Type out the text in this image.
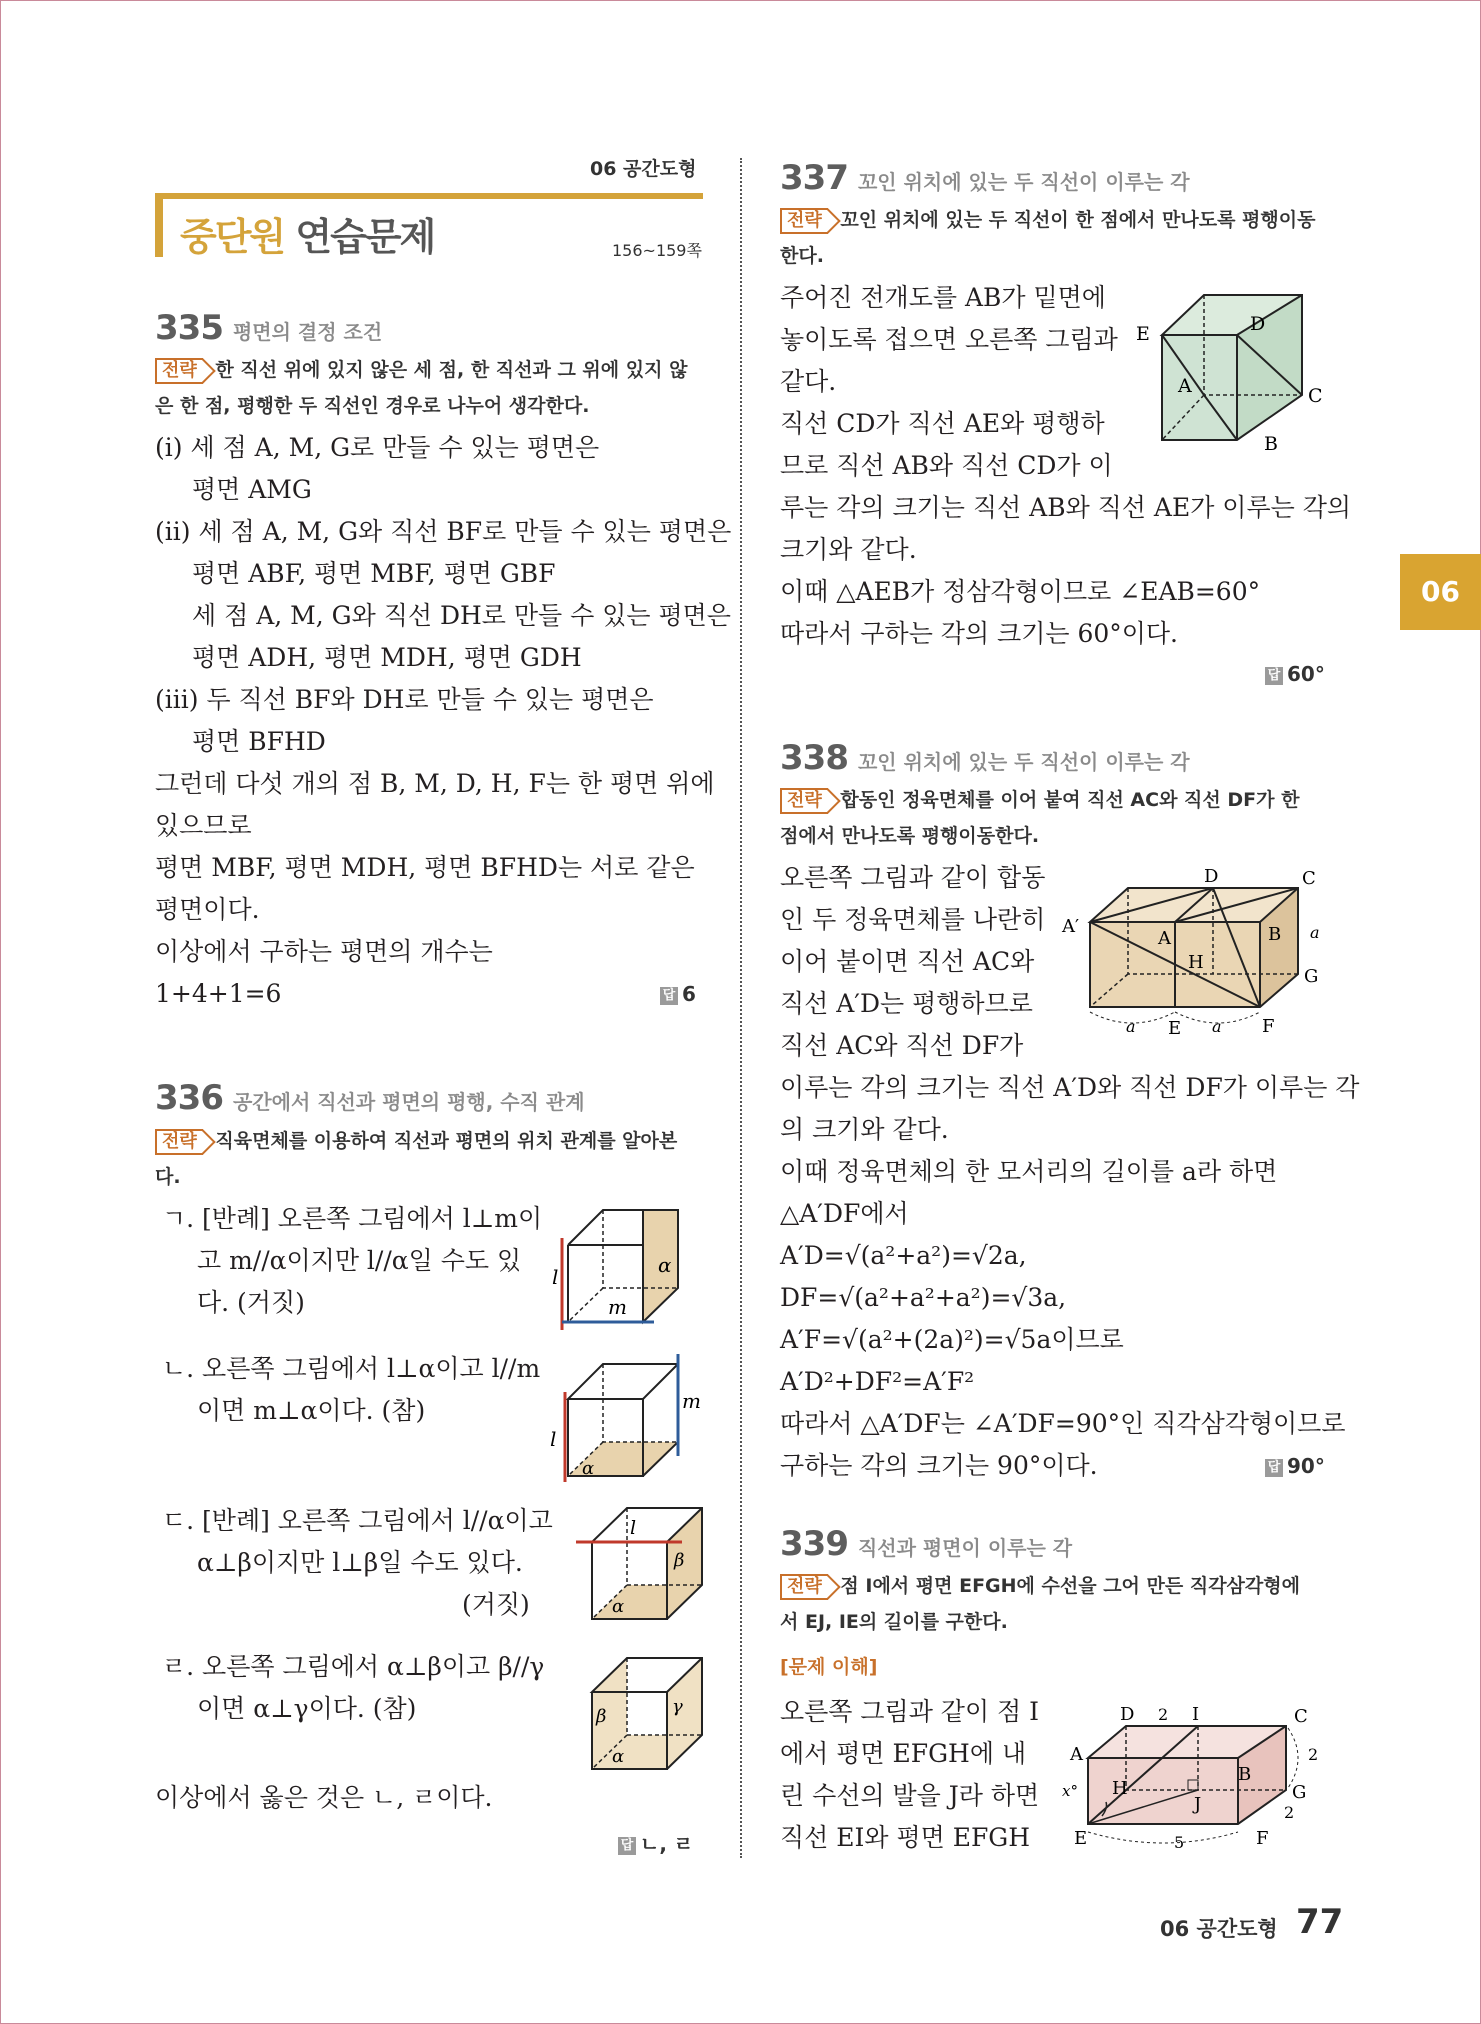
06 공간도형
중단원 연습문제	156~159쪽
06
335 평면의 결정 조건
전략 한 직선 위에 있지 않은 세 점, 한 직선과 그 위에 있지 않
은 한 점, 평행한 두 직선인 경우로 나누어 생각한다.
(i) 세 점 A, M, G로 만들 수 있는 평면은
평면 AMG
(ii) 세 점 A, M, G와 직선 BF로 만들 수 있는 평면은
평면 ABF, 평면 MBF, 평면 GBF
세 점 A, M, G와 직선 DH로 만들 수 있는 평면은
평면 ADH, 평면 MDH, 평면 GDH
(iii) 두 직선 BF와 DH로 만들 수 있는 평면은
평면 BFHD
그런데 다섯 개의 점 B, M, D, H, F는 한 평면 위에
있으므로
평면 MBF, 평면 MDH, 평면 BFHD는 서로 같은
평면이다.
이상에서 구하는 평면의 개수는
1+4+1=6	답 6
336 공간에서 직선과 평면의 평행, 수직 관계
전략 직육면체를 이용하여 직선과 평면의 위치 관계를 알아본
다.
ㄱ. [반례] 오른쪽 그림에서 l⊥m이
고 m//α이지만 l//α일 수도 있
다. (거짓)
ㄴ. 오른쪽 그림에서 l⊥α이고 l//m
이면 m⊥α이다. (참)
ㄷ. [반례] 오른쪽 그림에서 l//α이고
α⊥β이지만 l⊥β일 수도 있다.
(거짓)
ㄹ. 오른쪽 그림에서 α⊥β이고 β//γ
이면 α⊥γ이다. (참)
이상에서 옳은 것은 ㄴ, ㄹ이다.
답 ㄴ, ㄹ
l
m
α
l
m
α
l
α
β
β	γ
α
337 꼬인 위치에 있는 두 직선이 이루는 각
전략 꼬인 위치에 있는 두 직선이 한 점에서 만나도록 평행이동
한다.
주어진 전개도를 AB가 밑면에
놓이도록 접으면 오른쪽 그림과
같다.
직선 CD가 직선 AE와 평행하
므로 직선 AB와 직선 CD가 이
루는 각의 크기는 직선 AB와 직선 AE가 이루는 각의
크기와 같다.
이때 △AEB가 정삼각형이므로 ∠EAB=60°
따라서 구하는 각의 크기는 60°이다.
답 60°
E	D
A	C
B
338 꼬인 위치에 있는 두 직선이 이루는 각
전략 합동인 정육면체를 이어 붙여 직선 AC와 직선 DF가 한
점에서 만나도록 평행이동한다.
오른쪽 그림과 같이 합동
인 두 정육면체를 나란히
이어 붙이면 직선 AC와
직선 A′D는 평행하므로
직선 AC와 직선 DF가
이루는 각의 크기는 직선 A′D와 직선 DF가 이루는 각
의 크기와 같다.
이때 정육면체의 한 모서리의 길이를 a라 하면
△A′DF에서
A′D=√(a²+a²)=√2a,
DF=√(a²+a²+a²)=√3a,
A′F=√(a²+(2a)²)=√5a이므로
A′D²+DF²=A′F²
따라서 △A′DF는 ∠A′DF=90°인 직각삼각형이므로
구하는 각의 크기는 90°이다.	답 90°
D	C
A′
A	B
H
G
E	F
a	a
a
339 직선과 평면이 이루는 각
전략 점 I에서 평면 EFGH에 수선을 그어 만든 직각삼각형에
서 EJ, IE의 길이를 구한다.
[문제 이해]
오른쪽 그림과 같이 점 I
에서 평면 EFGH에 내
린 수선의 발을 J라 하면
직선 EI와 평면 EFGH
D 2 I	C
A
B
H
J
G
x°
E	F
5
2
2
06 공간도형 77
